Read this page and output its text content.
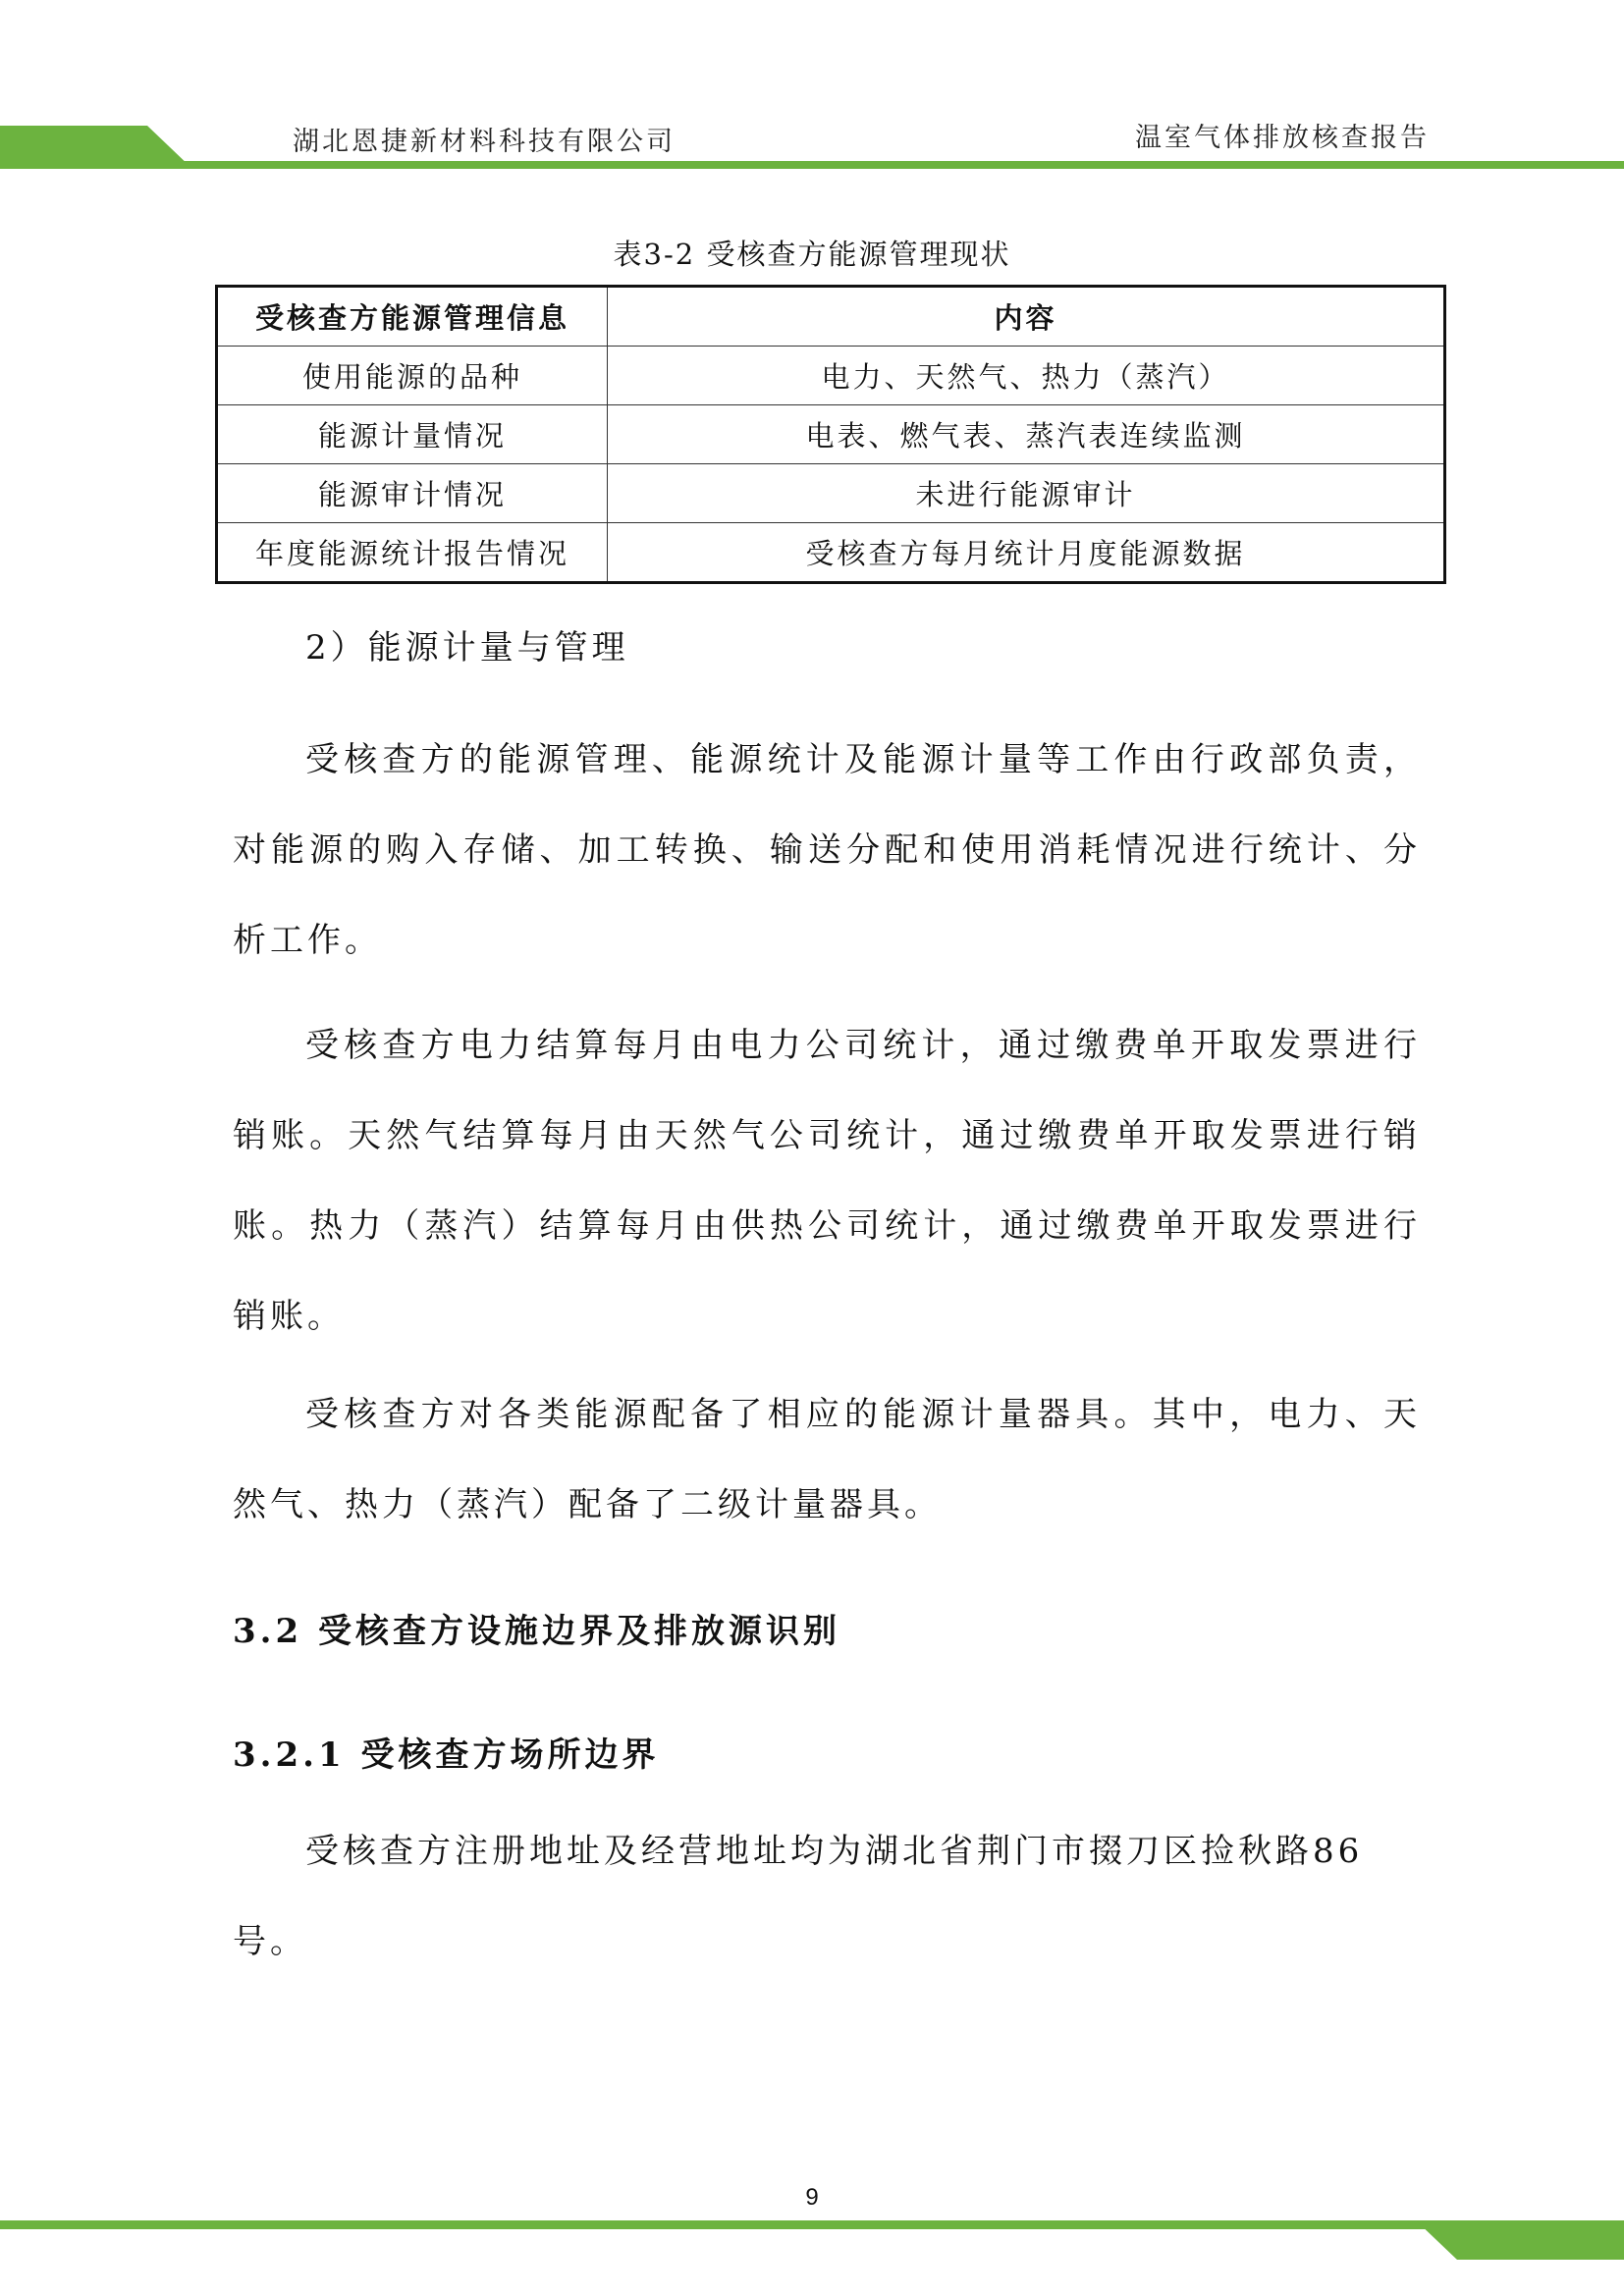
湖北恩捷新材料科技有限公司	温室气体排放核查报告
表3-2 受核查方能源管理现状
受核查方能源管理信息	内容
使用能源的品种	电力、天然气、热力（蒸汽）
能源计量情况	电表、燃气表、蒸汽表连续监测
能源审计情况	未进行能源审计
年度能源统计报告情况	受核查方每月统计月度能源数据
2）能源计量与管理
受核查方的能源管理、能源统计及能源计量等工作由行政部负责，对能源的购入存储、加工转换、输送分配和使用消耗情况进行统计、分析工作。
受核查方电力结算每月由电力公司统计，通过缴费单开取发票进行销账。天然气结算每月由天然气公司统计，通过缴费单开取发票进行销账。热力（蒸汽）结算每月由供热公司统计，通过缴费单开取发票进行销账。
受核查方对各类能源配备了相应的能源计量器具。其中，电力、天然气、热力（蒸汽）配备了二级计量器具。
3.2 受核查方设施边界及排放源识别
3.2.1 受核查方场所边界
受核查方注册地址及经营地址均为湖北省荆门市掇刀区捡秋路86号。
9
